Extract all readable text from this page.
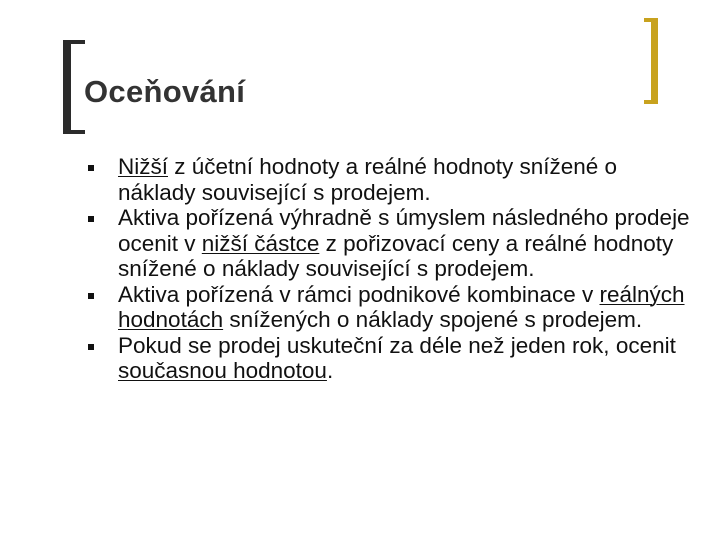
Oceňování
Nižší z účetní hodnoty a reálné hodnoty snížené o náklady související s prodejem.
Aktiva pořízená výhradně s úmyslem následného prodeje ocenit v nižší částce z pořizovací ceny a reálné hodnoty snížené o náklady související s prodejem.
Aktiva pořízená v rámci podnikové kombinace v reálných hodnotách snížených o náklady spojené s prodejem.
Pokud se prodej uskuteční za déle než jeden rok, ocenit současnou hodnotou.
